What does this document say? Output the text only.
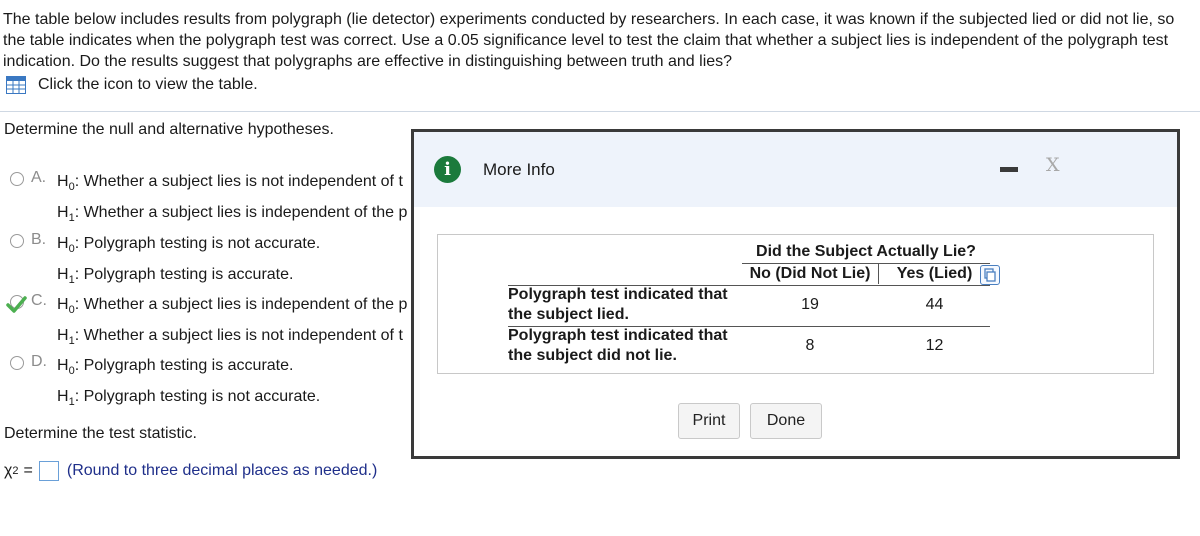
The table below includes results from polygraph (lie detector) experiments conducted by researchers. In each case, it was known if the subjected lied or did not lie, so the table indicates when the polygraph test was correct. Use a 0.05 significance level to test the claim that whether a subject lies is independent of the polygraph test indication. Do the results suggest that polygraphs are effective in distinguishing between truth and lies?
Click the icon to view the table.
Determine the null and alternative hypotheses.
A. $H_0$: Whether a subject lies is not independent of t
$H_1$: Whether a subject lies is independent of the p
B. $H_0$: Polygraph testing is not accurate.
$H_1$: Polygraph testing is accurate.
C. $H_0$: Whether a subject lies is independent of the p
$H_1$: Whether a subject lies is not independent of t
D. $H_0$: Polygraph testing is accurate.
$H_1$: Polygraph testing is not accurate.
Determine the test statistic.
χ 2 = (Round to three decimal places as needed.)
i	More Info	X
Did the Subject Actually Lie?
No (Did Not Lie)	Yes (Lied)
Polygraph test indicated that
the subject lied.
19	44
Polygraph test indicated that
the subject did not lie.
8	12
Print	Done
